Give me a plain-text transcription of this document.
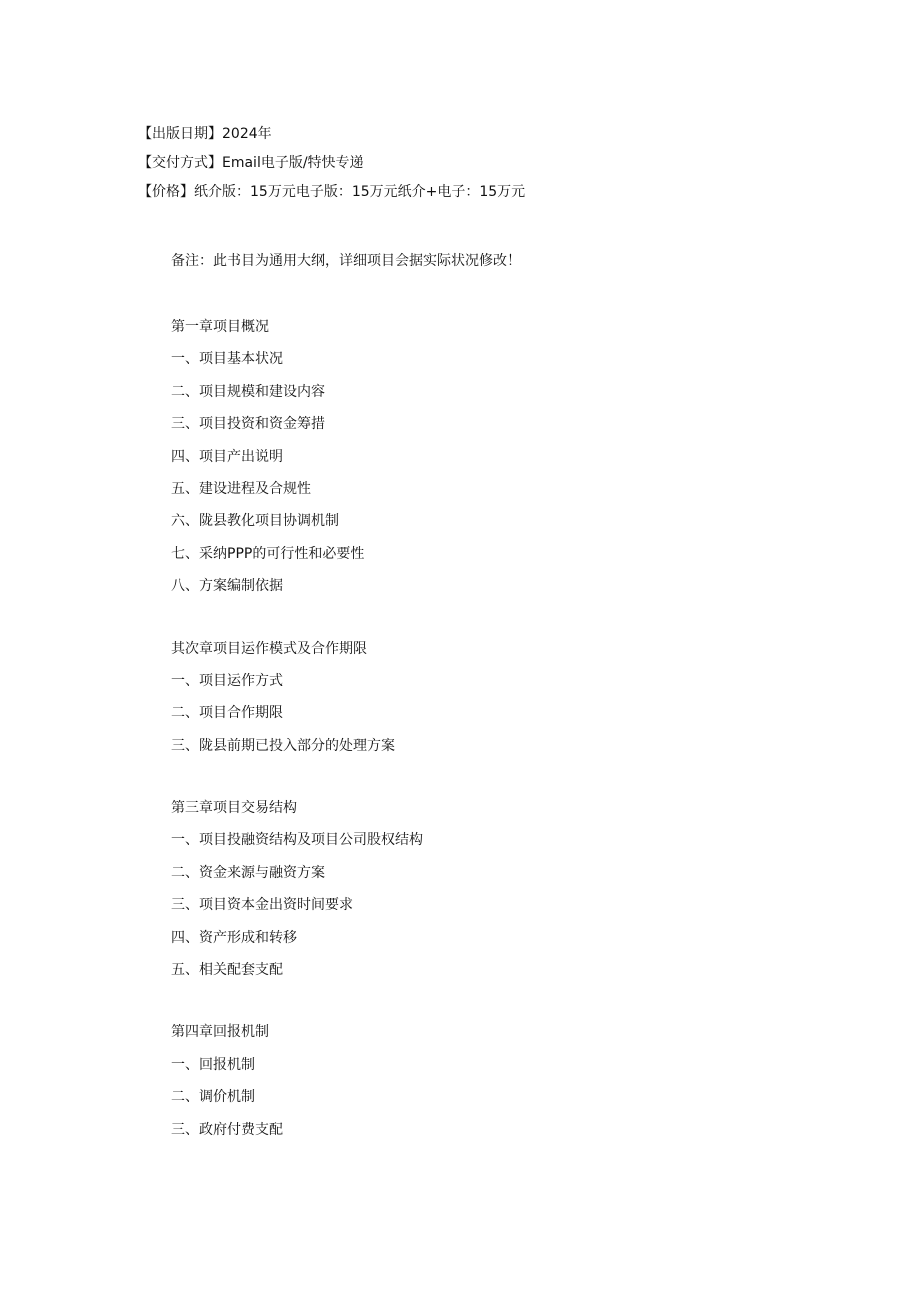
【出版日期】2024年
【交付方式】Email电子版/特快专递
【价格】纸介版：15万元电子版：15万元纸介+电子：15万元
备注：此书目为通用大纲，详细项目会据实际状况修改！
第一章项目概况
一、项目基本状况
二、项目规模和建设内容
三、项目投资和资金筹措
四、项目产出说明
五、建设进程及合规性
六、陇县教化项目协调机制
七、采纳PPP的可行性和必要性
八、方案编制依据
其次章项目运作模式及合作期限
一、项目运作方式
二、项目合作期限
三、陇县前期已投入部分的处理方案
第三章项目交易结构
一、项目投融资结构及项目公司股权结构
二、资金来源与融资方案
三、项目资本金出资时间要求
四、资产形成和转移
五、相关配套支配
第四章回报机制
一、回报机制
二、调价机制
三、政府付费支配
